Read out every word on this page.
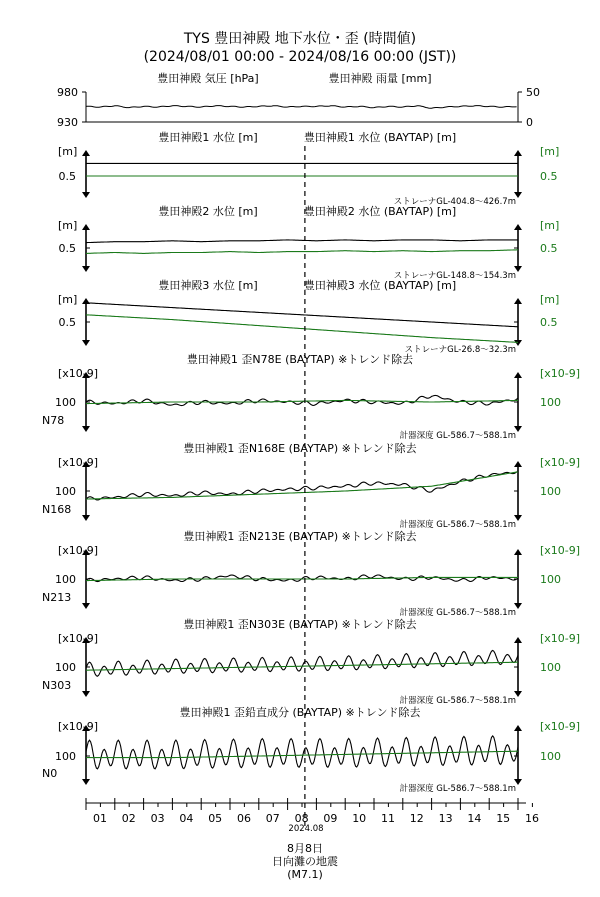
TYS 豊田神殿 地下水位・歪 (時間値)
(2024/08/01 00:00 - 2024/08/16 00:00 (JST))
豊田神殿 気圧 [hPa]	豊田神殿 雨量 [mm]
980
930
50
0
豊田神殿1 水位 [m]	豊田神殿1 水位 (BAYTAP) [m]
[m]	[m]
0.5	0.5
ストレーナGL-404.8～426.7m
豊田神殿2 水位 [m]	豊田神殿2 水位 (BAYTAP) [m]
[m]	[m]
0.5	0.5
ストレーナGL-148.8～154.3m
豊田神殿3 水位 [m]	豊田神殿3 水位 (BAYTAP) [m]
[m]	[m]
0.5	0.5
ストレーナGL-26.8～32.3m
豊田神殿1 歪N78E (BAYTAP) ※トレンド除去
[x10-9]	[x10-9]
100	100
N78
計器深度 GL-586.7～588.1m
豊田神殿1 歪N168E (BAYTAP) ※トレンド除去
[x10-9]	[x10-9]
100	100
N168
計器深度 GL-586.7～588.1m
豊田神殿1 歪N213E (BAYTAP) ※トレンド除去
[x10-9]	[x10-9]
100	100
N213
計器深度 GL-586.7～588.1m
豊田神殿1 歪N303E (BAYTAP) ※トレンド除去
[x10-9]	[x10-9]
100	100
N303
計器深度 GL-586.7～588.1m
豊田神殿1 歪鉛直成分 (BAYTAP) ※トレンド除去
[x10-9]	[x10-9]
100	100
N0
計器深度 GL-586.7～588.1m
01 02 03 04 05 06 07 08 09 10 11 12 13 14 15 16
2024.08
8月8日
日向灘の地震
(M7.1)
